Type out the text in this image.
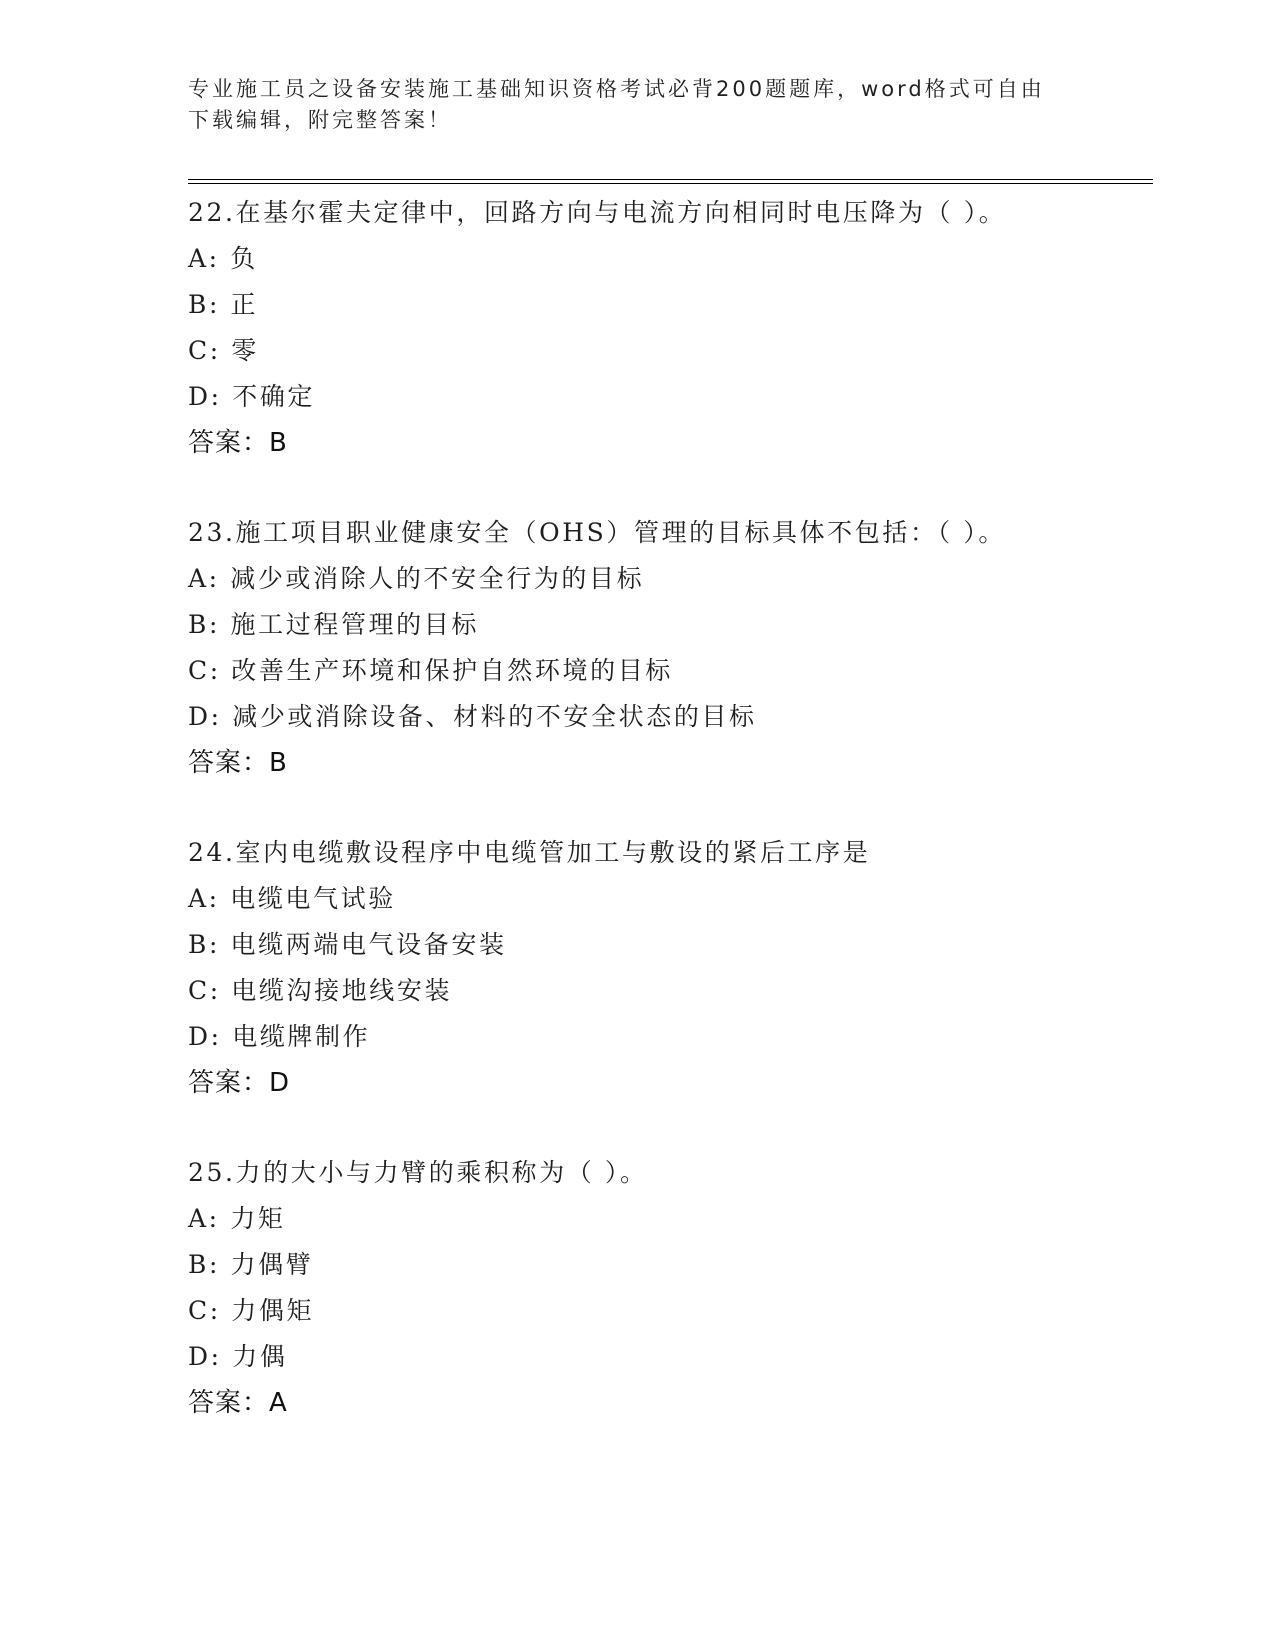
专业施工员之设备安装施工基础知识资格考试必背200题题库，word格式可自由
下载编辑，附完整答案！
22.在基尔霍夫定律中，回路方向与电流方向相同时电压降为（ ）。
A: 负
B: 正
C: 零
D: 不确定
答案：B
23.施工项目职业健康安全（OHS）管理的目标具体不包括：（ ）。
A: 减少或消除人的不安全行为的目标
B: 施工过程管理的目标
C: 改善生产环境和保护自然环境的目标
D: 减少或消除设备、材料的不安全状态的目标
答案：B
24.室内电缆敷设程序中电缆管加工与敷设的紧后工序是
A: 电缆电气试验
B: 电缆两端电气设备安装
C: 电缆沟接地线安装
D: 电缆牌制作
答案：D
25.力的大小与力臂的乘积称为（ ）。
A: 力矩
B: 力偶臂
C: 力偶矩
D: 力偶
答案：A
